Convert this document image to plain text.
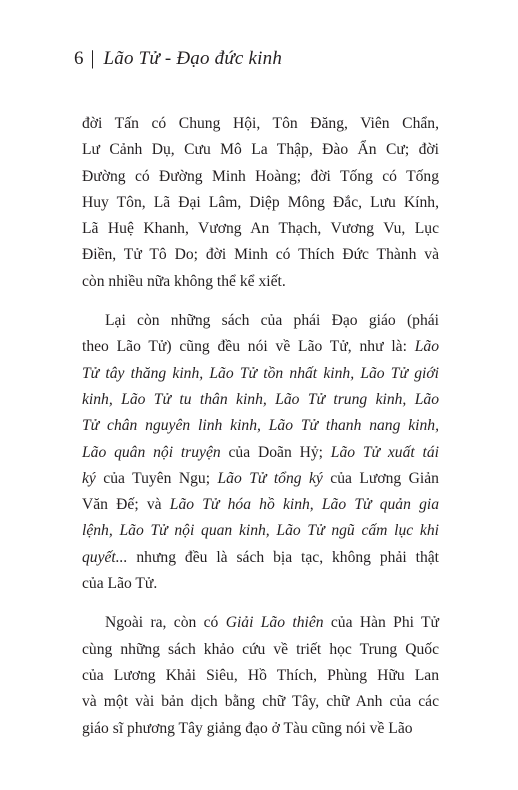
6 | Lão Tử - Đạo đức kinh

đời Tấn có Chung Hội, Tôn Đăng, Viên Chẩn,
Lư Cảnh Dụ, Cưu Mô La Thập, Đào Ẩn Cư; đời
Đường có Đường Minh Hoàng; đời Tống có Tống
Huy Tôn, Lã Đại Lâm, Diệp Mông Đắc, Lưu Kính,
Lã Huệ Khanh, Vương An Thạch, Vương Vu, Lục
Điền, Tử Tô Do; đời Minh có Thích Đức Thành và
còn nhiều nữa không thể kể xiết.

Lại còn những sách của phái Đạo giáo (phái
theo Lão Tử) cũng đều nói về Lão Tử, như là: Lão
Tử tây thăng kinh, Lão Tử tồn nhất kinh, Lão Tử giới
kinh, Lão Tử tu thân kinh, Lão Tử trung kinh, Lão
Tử chân nguyên linh kinh, Lão Tử thanh nang kinh,
Lão quân nội truyện của Doãn Hỷ; Lão Tử xuất tái
ký của Tuyên Ngu; Lão Tử tổng ký của Lương Giản
Văn Đế; và Lão Tử hóa hồ kinh, Lão Tử quản gia
lệnh, Lão Tử nội quan kinh, Lão Tử ngũ cấm lục khi
quyết... nhưng đều là sách bịa tạc, không phải thật
của Lão Tử.

Ngoài ra, còn có Giải Lão thiên của Hàn Phi Tử
cùng những sách khảo cứu về triết học Trung Quốc
của Lương Khải Siêu, Hồ Thích, Phùng Hữu Lan
và một vài bản dịch bằng chữ Tây, chữ Anh của các
giáo sĩ phương Tây giảng đạo ở Tàu cũng nói về Lão
